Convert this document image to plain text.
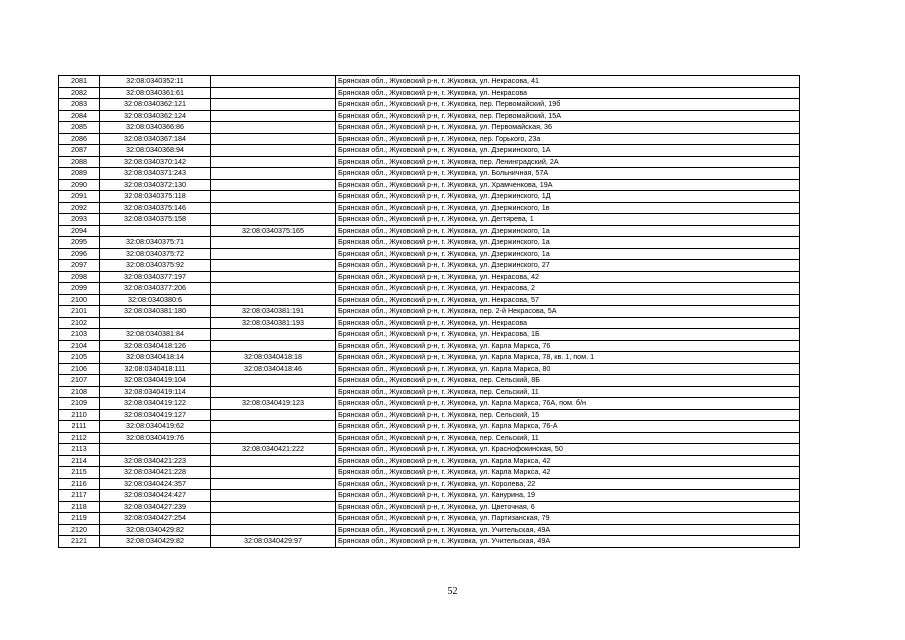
2081	32:08:0340352:11		Брянская обл., Жуковский р-н, г. Жуковка, ул. Некрасова, 41
2082	32:08:0340361:61		Брянская обл., Жуковский р-н, г. Жуковка, ул. Некрасова
2083	32:08:0340362:121		Брянская обл., Жуковский р-н, г. Жуковка, пер. Первомайский, 19б
2084	32:08:0340362:124		Брянская обл., Жуковский р-н, г. Жуковка, пер. Первомайский, 15А
2085	32:08:0340366:86		Брянская обл., Жуковский р-н, г. Жуковка, ул. Первомайская, 36
2086	32:08:0340367:184		Брянская обл., Жуковский р-н, г. Жуковка, пер. Горького, 23а
2087	32:08:0340368:94		Брянская обл., Жуковский р-н, г. Жуковка, ул. Дзержинского, 1А
2088	32:08:0340370:142		Брянская обл., Жуковский р-н, г. Жуковка, пер. Ленинградский, 2А
2089	32:08:0340371:243		Брянская обл., Жуковский р-н, г. Жуковка, ул. Больничная, 57А
2090	32:08:0340372:130		Брянская обл., Жуковский р-н, г. Жуковка, ул. Храмченкова, 19А
2091	32:08:0340375:118		Брянская обл., Жуковский р-н, г. Жуковка, ул. Дзержинского, 1Д
2092	32:08:0340375:146		Брянская обл., Жуковский р-н, г. Жуковка, ул. Дзержинского, 1в
2093	32:08:0340375:158		Брянская обл., Жуковский р-н, г. Жуковка, ул. Дегтярева, 1
2094		32:08:0340375:165	Брянская обл., Жуковский р-н, г. Жуковка, ул. Дзержинского, 1а
2095	32:08:0340375:71		Брянская обл., Жуковский р-н, г. Жуковка, ул. Дзержинского, 1а
2096	32:08:0340375:72		Брянская обл., Жуковский р-н, г. Жуковка, ул. Дзержинского, 1а
2097	32:08:0340375:92		Брянская обл., Жуковский р-н, г. Жуковка, ул. Дзержинского, 27
2098	32:08:0340377:197		Брянская обл., Жуковский р-н, г. Жуковка, ул. Некрасова, 42
2099	32:08:0340377:206		Брянская обл., Жуковский р-н, г. Жуковка, ул. Некрасова, 2
2100	32:08:0340380:6		Брянская обл., Жуковский р-н, г. Жуковка, ул. Некрасова, 57
2101	32:08:0340381:180	32:08:0340381:191	Брянская обл., Жуковский р-н, г. Жуковка, пер. 2-й Некрасова, 5А
2102		32:08:0340381:193	Брянская обл., Жуковский р-н, г. Жуковка, ул. Некрасова
2103	32:08:0340381:84		Брянская обл., Жуковский р-н, г. Жуковка, ул. Некрасова, 1Б
2104	32:08:0340418:126		Брянская обл., Жуковский р-н, г. Жуковка, ул. Карла Маркса, 76
2105	32:08:0340418:14	32:08:0340418:18	Брянская обл., Жуковский р-н, г. Жуковка, ул. Карла Маркса, 78, кв. 1, пом. 1
2106	32:08:0340418:111	32:08:0340418:46	Брянская обл., Жуковский р-н, г. Жуковка, ул. Карла Маркса, 80
2107	32:08:0340419:104		Брянская обл., Жуковский р-н, г. Жуковка, пер. Сельский, 8Б
2108	32:08:0340419:114		Брянская обл., Жуковский р-н, г. Жуковка, пер. Сельский, 11
2109	32:08:0340419:122	32:08:0340419:123	Брянская обл., Жуковский р-н, г. Жуковка, ул. Карла Маркса, 76А, пом. б/н
2110	32:08:0340419:127		Брянская обл., Жуковский р-н, г. Жуковка, пер. Сельский, 15
2111	32:08:0340419:62		Брянская обл., Жуковский р-н, г. Жуковка, ул. Карла Маркса, 76-А
2112	32:08:0340419:76		Брянская обл., Жуковский р-н, г. Жуковка, пер. Сельский, 11
2113		32:08:0340421:222	Брянская обл., Жуковский р-н, г. Жуковка, ул. Краснофокинская, 50
2114	32:08:0340421:223		Брянская обл., Жуковский р-н, г. Жуковка, ул. Карла Маркса, 42
2115	32:08:0340421:228		Брянская обл., Жуковский р-н, г. Жуковка, ул. Карла Маркса, 42
2116	32:08:0340424:357		Брянская обл., Жуковский р-н, г. Жуковка, ул. Королева, 22
2117	32:08:0340424:427		Брянская обл., Жуковский р-н, г. Жуковка, ул. Канурина, 19
2118	32:08:0340427:239		Брянская обл., Жуковский р-н, г. Жуковка, ул. Цветочная, 6
2119	32:08:0340427:254		Брянская обл., Жуковский р-н, г. Жуковка, ул. Партизанская, 79
2120	32:08:0340429:82		Брянская обл., Жуковский р-н, г. Жуковка, ул. Учительская, 49А
2121	32:08:0340429:82	32:08:0340429:97	Брянская обл., Жуковский р-н, г. Жуковка, ул. Учительская, 49А
52
